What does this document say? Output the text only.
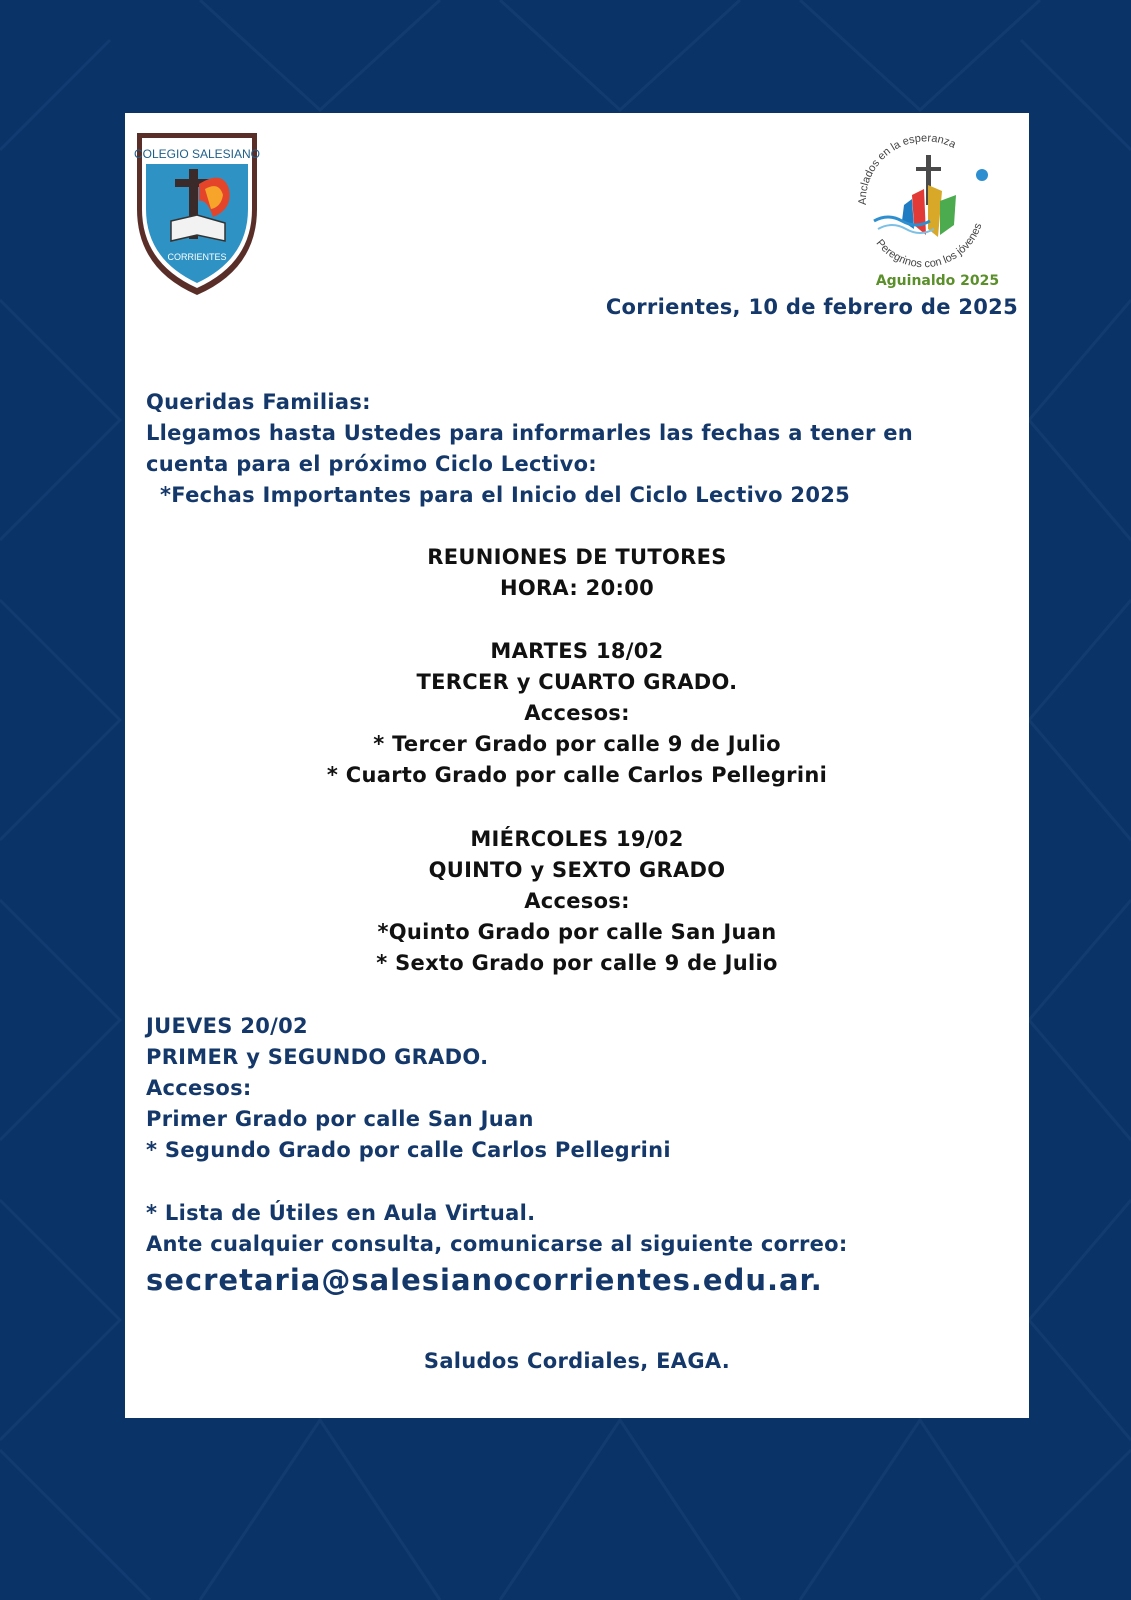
COLEGIO SALESIANO
CORRIENTES
Anclados en la esperanza
Peregrinos con los jóvenes
Aguinaldo 2025
Corrientes, 10 de febrero de 2025
Queridas Familias:
Llegamos hasta Ustedes para informarles las fechas a tener en
cuenta para el próximo Ciclo Lectivo:
*Fechas Importantes para el Inicio del Ciclo Lectivo 2025
REUNIONES DE TUTORES
HORA: 20:00
MARTES 18/02
TERCER y CUARTO GRADO.
Accesos:
* Tercer Grado por calle 9 de Julio
* Cuarto Grado por calle Carlos Pellegrini
MIÉRCOLES 19/02
QUINTO y SEXTO GRADO
Accesos:
*Quinto Grado por calle San Juan
* Sexto Grado por calle 9 de Julio
JUEVES 20/02
PRIMER y SEGUNDO GRADO.
Accesos:
Primer Grado por calle San Juan
* Segundo Grado por calle Carlos Pellegrini
* Lista de Útiles en Aula Virtual.
Ante cualquier consulta, comunicarse al siguiente correo:
secretaria@salesianocorrientes.edu.ar.
Saludos Cordiales, EAGA.
